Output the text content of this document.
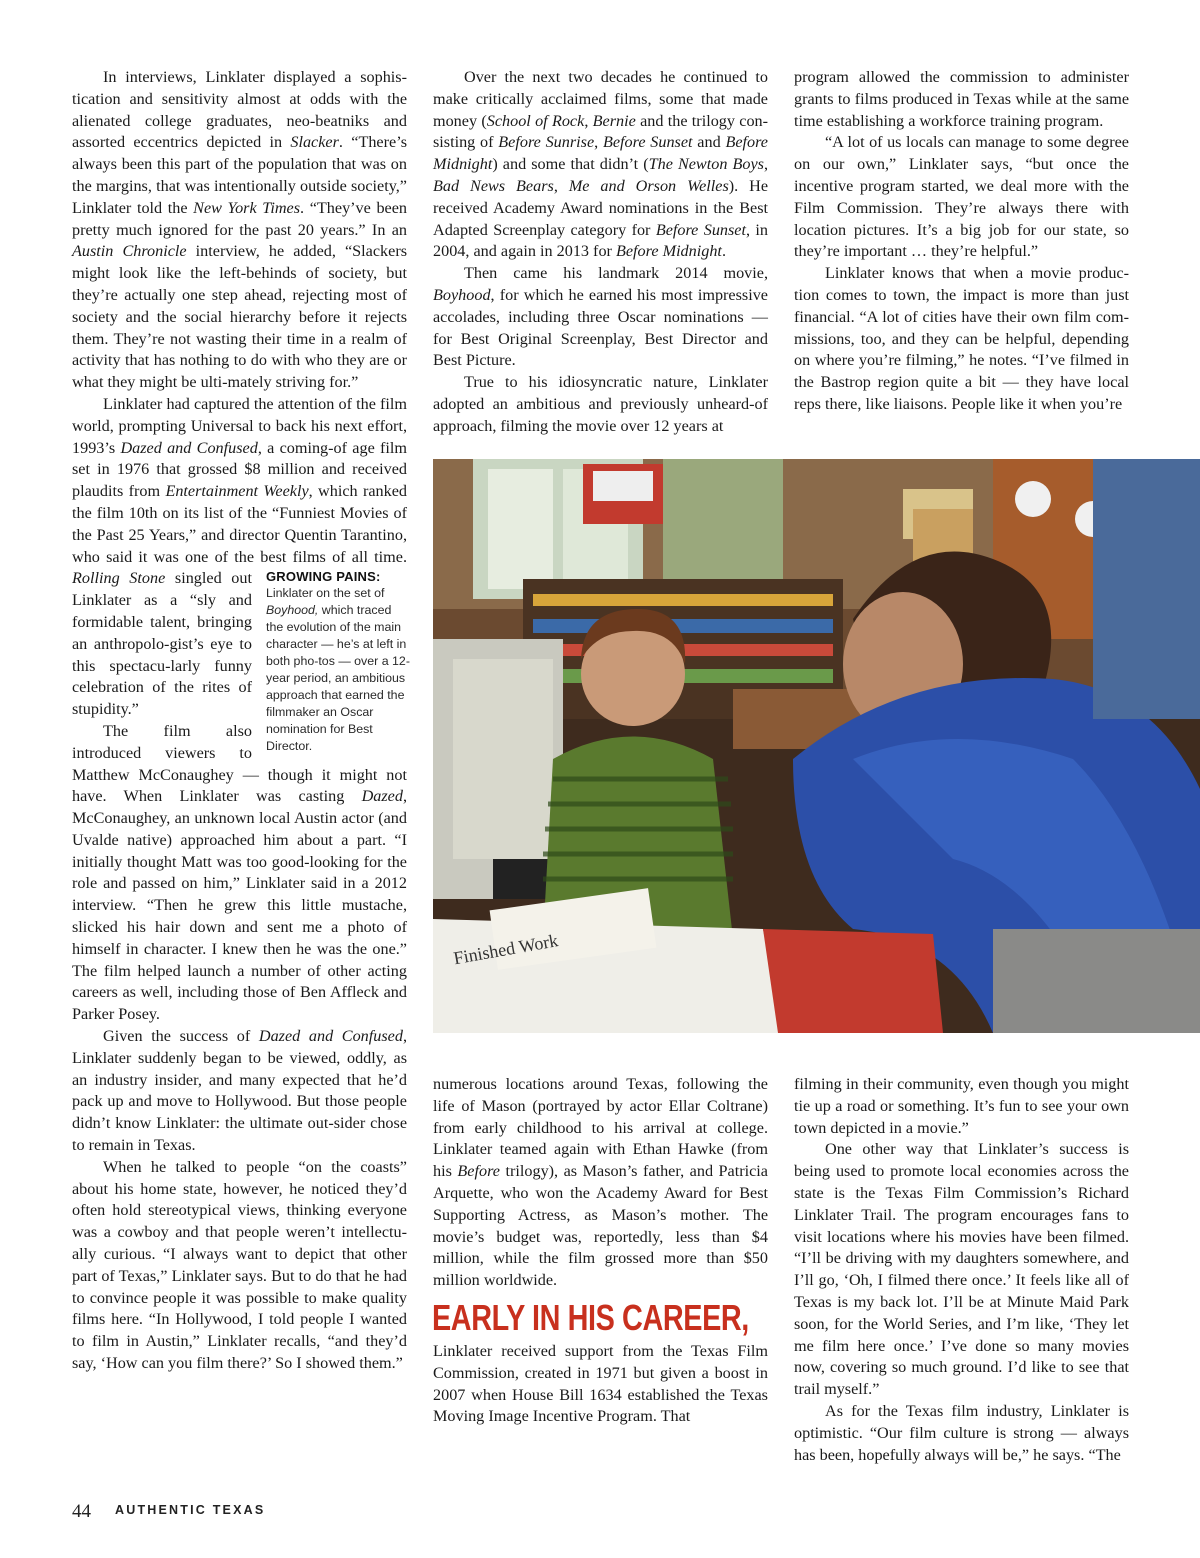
In interviews, Linklater displayed a sophis-tication and sensitivity almost at odds with the alienated college graduates, neo-beatniks and assorted eccentrics depicted in Slacker. “There’s always been this part of the population that was on the margins, that was intentionally outside society,” Linklater told the New York Times. “They’ve been pretty much ignored for the past 20 years.” In an Austin Chronicle interview, he added, “Slackers might look like the left-behinds of society, but they’re actually one step ahead, rejecting most of society and the social hierarchy before it rejects them. They’re not wasting their time in a realm of activity that has nothing to do with who they are or what they might be ulti-mately striving for.”

Linklater had captured the attention of the film world, prompting Universal to back his next effort, 1993’s Dazed and Confused, a coming-of age film set in 1976 that grossed $8 million and received plaudits from Entertainment Weekly, which ranked the film 10th on its list of the “Funniest Movies of the Past 25 Years,” and director Quentin Tarantino, who said it was one of the best films of all time.
GROWING PAINS:
Linklater on the set of Boyhood, which traced the evolution of the main character — he’s at left in both pho-tos — over a 12-year period, an ambitious approach that earned the filmmaker an Oscar nomination for Best Director.
Rolling Stone singled out Linklater as a “sly and formidable talent, bringing an anthropolo-gist’s eye to this spectacu-larly funny celebration of the rites of stupidity.”

The film also introduced viewers to Matthew McConaughey — though it might not have. When Linklater was casting Dazed, McConaughey, an unknown local Austin actor (and Uvalde native) approached him about a part. “I initially thought Matt was too good-looking for the role and passed on him,” Linklater said in a 2012 interview. “Then he grew this little mustache, slicked his hair down and sent me a photo of himself in character. I knew then he was the one.” The film helped launch a number of other acting careers as well, including those of Ben Affleck and Parker Posey.

Given the success of Dazed and Confused, Linklater suddenly began to be viewed, oddly, as an industry insider, and many expected that he’d pack up and move to Hollywood. But those people didn’t know Linklater: the ultimate out-sider chose to remain in Texas.

When he talked to people “on the coasts” about his home state, however, he noticed they’d often hold stereotypical views, thinking everyone was a cowboy and that people weren’t intellectu-ally curious. “I always want to depict that other part of Texas,” Linklater says. But to do that he had to convince people it was possible to make quality films here. “In Hollywood, I told people I wanted to film in Austin,” Linklater recalls, “and they’d say, ‘How can you film there?’ So I showed them.”

Over the next two decades he continued to make critically acclaimed films, some that made money (School of Rock, Bernie and the trilogy con-sisting of Before Sunrise, Before Sunset and Before Midnight) and some that didn’t (The Newton Boys, Bad News Bears, Me and Orson Welles). He received Academy Award nominations in the Best Adapted Screenplay category for Before Sunset, in 2004, and again in 2013 for Before Midnight.

Then came his landmark 2014 movie, Boyhood, for which he earned his most impressive accolades, including three Oscar nominations — for Best Original Screenplay, Best Director and Best Picture.

True to his idiosyncratic nature, Linklater adopted an ambitious and previously unheard-of approach, filming the movie over 12 years at

program allowed the commission to administer grants to films produced in Texas while at the same time establishing a workforce training program.

“A lot of us locals can manage to some degree on our own,” Linklater says, “but once the incentive program started, we deal more with the Film Commission. They’re always there with location pictures. It’s a big job for our state, so they’re important … they’re helpful.”

Linklater knows that when a movie produc-tion comes to town, the impact is more than just financial. “A lot of cities have their own film com-missions, too, and they can be helpful, depending on where you’re filming,” he notes. “I’ve filmed in the Bastrop region quite a bit — they have local reps there, like liaisons. People like it when you’re

Finished Work

numerous locations around Texas, following the life of Mason (portrayed by actor Ellar Coltrane) from early childhood to his arrival at college. Linklater teamed again with Ethan Hawke (from his Before trilogy), as Mason’s father, and Patricia Arquette, who won the Academy Award for Best Supporting Actress, as Mason’s mother. The movie’s budget was, reportedly, less than $4 million, while the film grossed more than $50 million worldwide.

EARLY IN HIS CAREER,

Linklater received support from the Texas Film Commission, created in 1971 but given a boost in 2007 when House Bill 1634 established the Texas Moving Image Incentive Program. That

filming in their community, even though you might tie up a road or something. It’s fun to see your own town depicted in a movie.”

One other way that Linklater’s success is being used to promote local economies across the state is the Texas Film Commission’s Richard Linklater Trail. The program encourages fans to visit locations where his movies have been filmed. “I’ll be driving with my daughters somewhere, and I’ll go, ‘Oh, I filmed there once.’ It feels like all of Texas is my back lot. I’ll be at Minute Maid Park soon, for the World Series, and I’m like, ‘They let me film here once.’ I’ve done so many movies now, covering so much ground. I’d like to see that trail myself.”

As for the Texas film industry, Linklater is optimistic. “Our film culture is strong — always has been, hopefully always will be,” he says. “The

44 AUTHENTIC TEXAS
